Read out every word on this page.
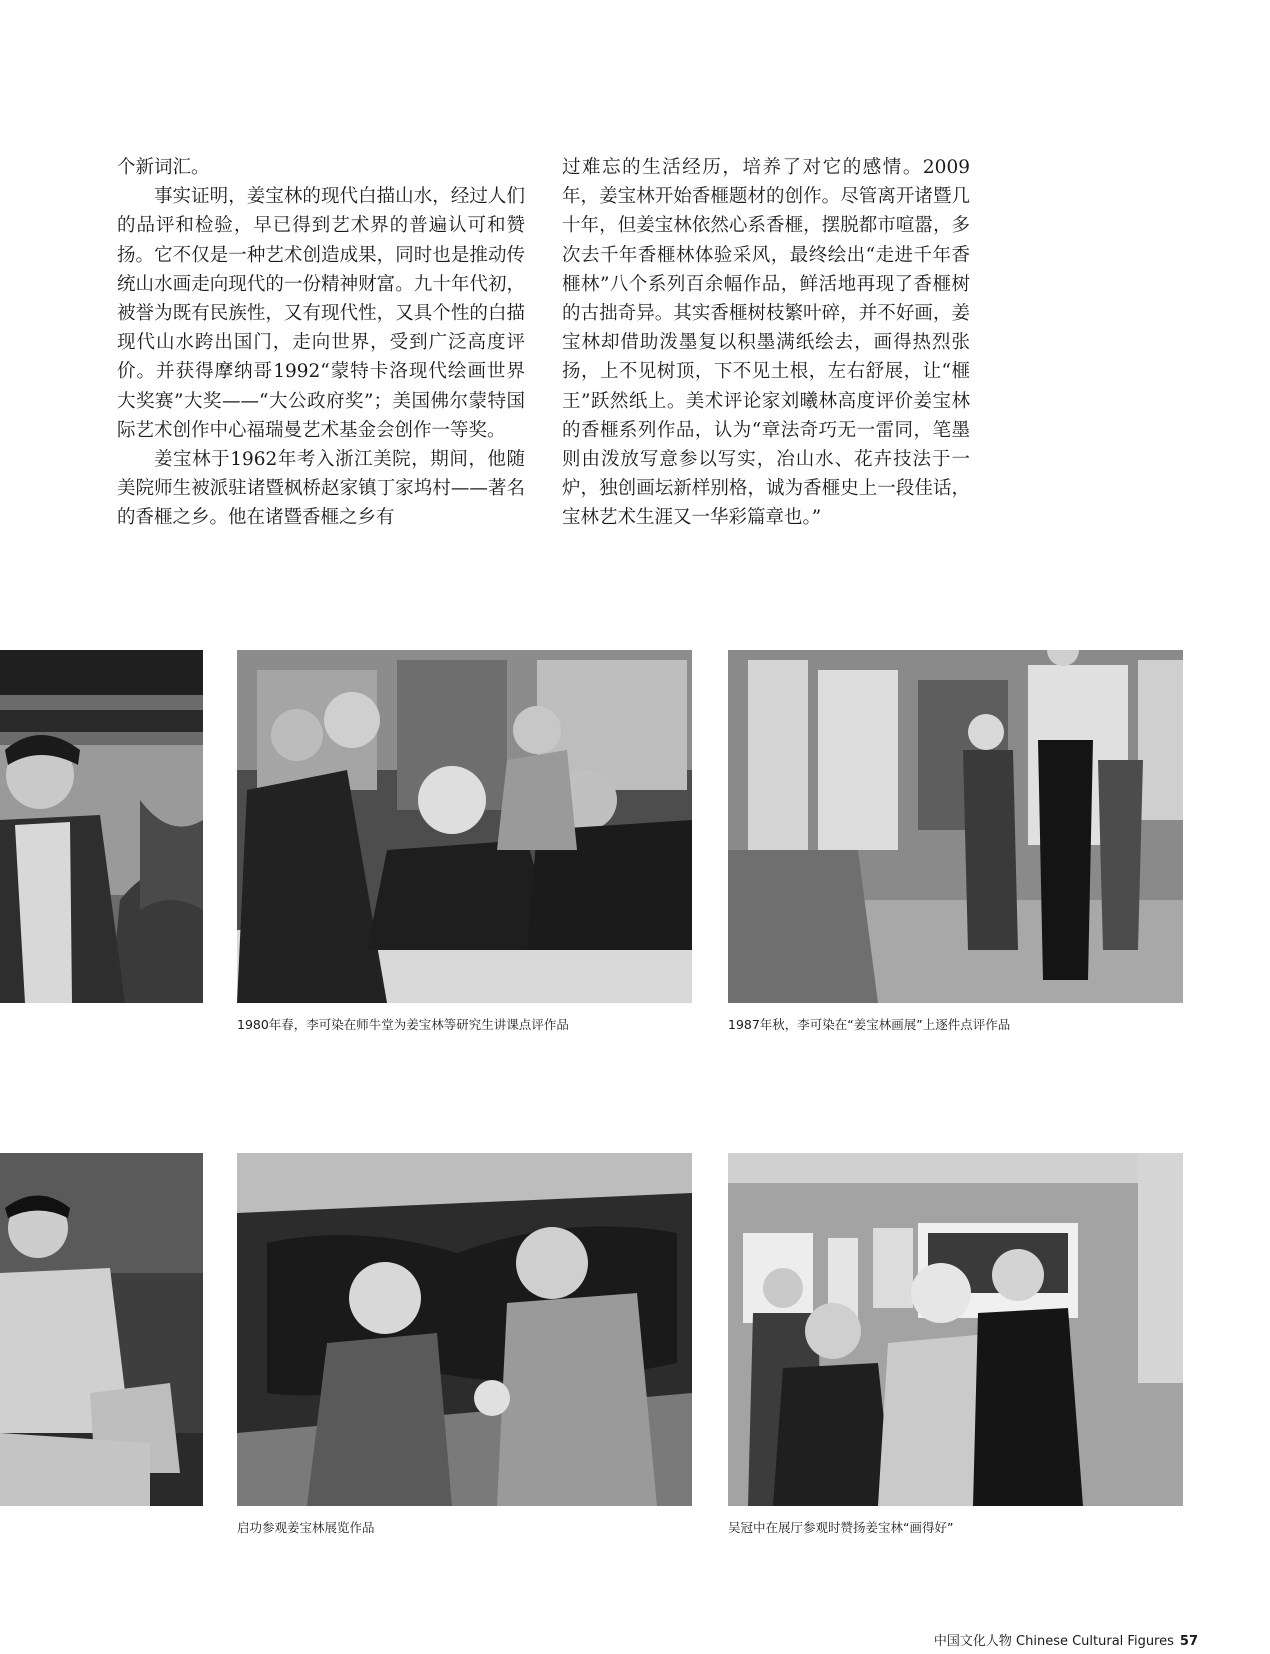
个新词汇。

事实证明，姜宝林的现代白描山水，经过人们的品评和检验，早已得到艺术界的普遍认可和赞扬。它不仅是一种艺术创造成果，同时也是推动传统山水画走向现代的一份精神财富。九十年代初，被誉为既有民族性，又有现代性，又具个性的白描现代山水跨出国门，走向世界，受到广泛高度评价。并获得摩纳哥1992“蒙特卡洛现代绘画世界大奖赛”大奖——“大公政府奖”；美国佛尔蒙特国际艺术创作中心福瑞曼艺术基金会创作一等奖。

姜宝林于1962年考入浙江美院，期间，他随美院师生被派驻诸暨枫桥赵家镇丁家坞村——著名的香榧之乡。他在诸暨香榧之乡有

过难忘的生活经历，培养了对它的感情。2009年，姜宝林开始香榧题材的创作。尽管离开诸暨几十年，但姜宝林依然心系香榧，摆脱都市喧嚣，多次去千年香榧林体验采风，最终绘出“走进千年香榧林”八个系列百余幅作品，鲜活地再现了香榧树的古拙奇异。其实香榧树枝繁叶碎，并不好画，姜宝林却借助泼墨复以积墨满纸绘去，画得热烈张扬，上不见树顶，下不见土根，左右舒展，让“榧王”跃然纸上。美术评论家刘曦林高度评价姜宝林的香榧系列作品，认为“章法奇巧无一雷同，笔墨则由泼放写意参以写实，冶山水、花卉技法于一炉，独创画坛新样别格，诚为香榧史上一段佳话，宝林艺术生涯又一华彩篇章也。”

1980年春，李可染在师牛堂为姜宝林等研究生讲课点评作品	1987年秋，李可染在“姜宝林画展”上逐件点评作品
启功参观姜宝林展览作品	吴冠中在展厅参观时赞扬姜宝林“画得好”
中国文化人物 Chinese Cultural Figures 57
